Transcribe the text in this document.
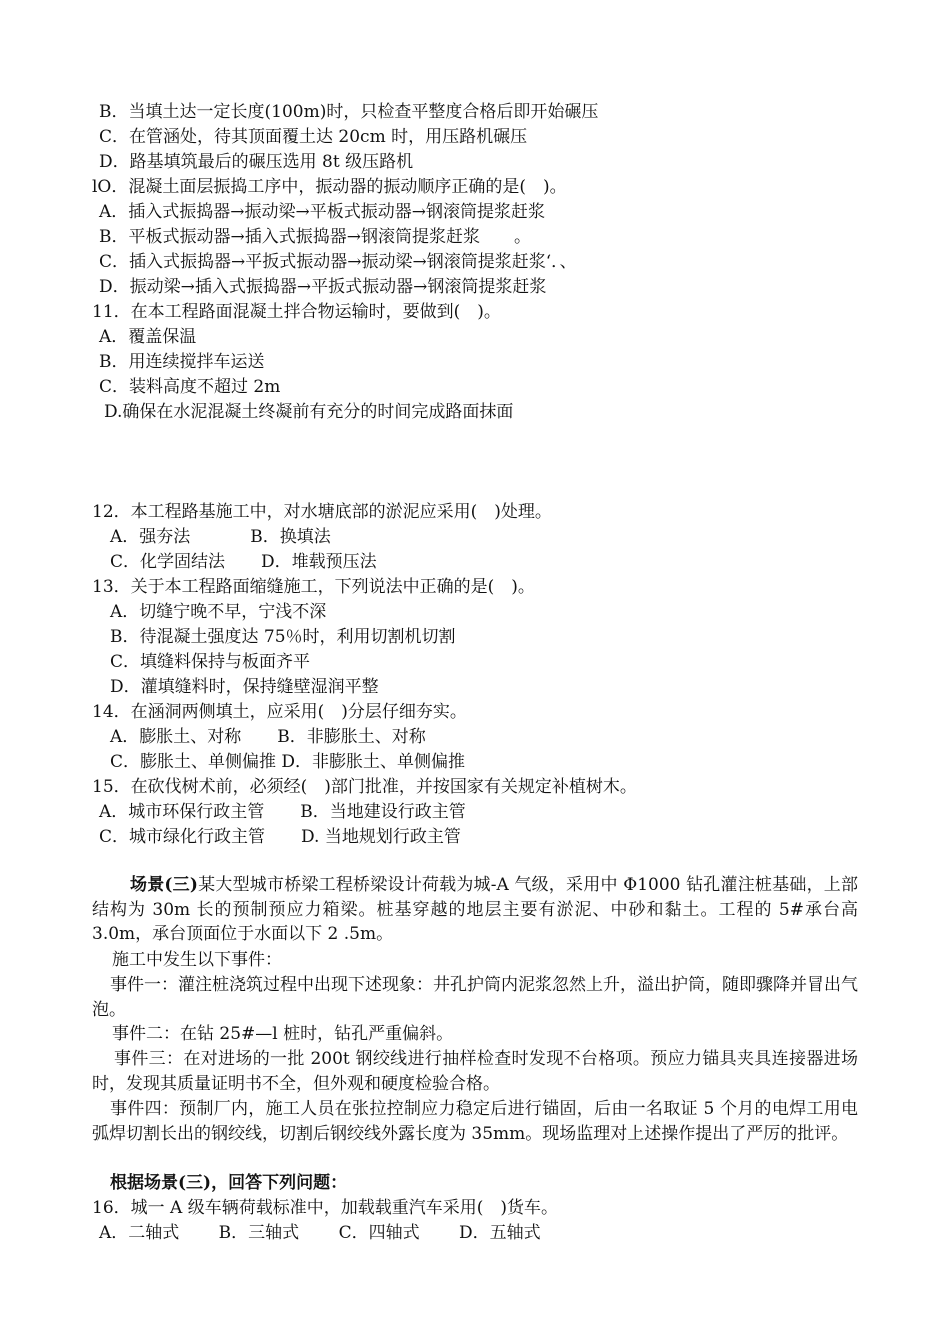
B．当填土达一定长度(100m)时，只检查平整度合格后即开始碾压
C．在管涵处，待其顶面覆土达 20cm 时，用压路机碾压
D．路基填筑最后的碾压选用 8t 级压路机
lO．混凝土面层振捣工序中，振动器的振动顺序正确的是(　)。
A．插入式振捣器→振动梁→平板式振动器→钢滚筒提浆赶浆
B．平板式振动器→插入式振捣器→钢滚筒提浆赶浆　　。
C．插入式振捣器→平扳式振动器→振动梁→钢滚筒提浆赶浆‘．、
D．振动梁→插入式振捣器→平扳式振动器→钢滚筒提浆赶浆
11．在本工程路面混凝土拌合物运输时，要做到(　)。
A．覆盖保温
B．用连续搅拌车运送
C．装料高度不超过 2m
D.确保在水泥混凝土终凝前有充分的时间完成路面抹面
12．本工程路基施工中，对水塘底部的淤泥应采用(　)处理。
A．强夯法	B．换填法
C．化学固结法 D．堆载预压法
13．关于本工程路面缩缝施工，下列说法中正确的是(　)。
A．切缝宁晚不早，宁浅不深
B．待混凝土强度达 75％时，利用切割机切割
C．填缝料保持与板面齐平
D．灌填缝料时，保持缝壁湿润平整
14．在涵洞两侧填土，应采用(　)分层仔细夯实。
A．膨胀土、对称 B．非膨胀土、对称
C．膨胀土、单侧偏推 D．非膨胀土、单侧偏推
15．在砍伐树术前，必须经(　)部门批准，并按国家有关规定补植树木。
A．城市环保行政主管 B．当地建设行政主管
C．城市绿化行政主管 D. 当地规划行政主管
场景(三)某大型城市桥梁工程桥梁设计荷载为城-A 气级，采用中 Φ1000 钻孔灌注桩基础，上部结构为 30m 长的预制预应力箱梁。桩基穿越的地层主要有淤泥、中砂和黏土。工程的 5#承台高 3.0m，承台顶面位于水面以下 2 .5m。
施工中发生以下事件：
事件一：灌注桩浇筑过程中出现下述现象：井孔护筒内泥浆忽然上升，溢出护筒，随即骤降并冒出气泡。
事件二：在钻 25#—l 桩时，钻孔严重偏斜。
事件三：在对进场的一批 200t 钢绞线进行抽样检查时发现不台格项。预应力锚具夹具连接器进场时，发现其质量证明书不全，但外观和硬度检验合格。
事件四：预制厂内，施工人员在张拉控制应力稳定后进行锚固，后由一名取证 5 个月的电焊工用电弧焊切割长出的钢绞线，切割后钢绞线外露长度为 35mm。现场监理对上述操作提出了严厉的批评。
根据场景(三)，回答下列问题：
16．城一 A 级车辆荷载标准中，加载载重汽车采用(　)货车。
A．二轴式　　 B．三轴式　　 C．四轴式　　 D．五轴式
